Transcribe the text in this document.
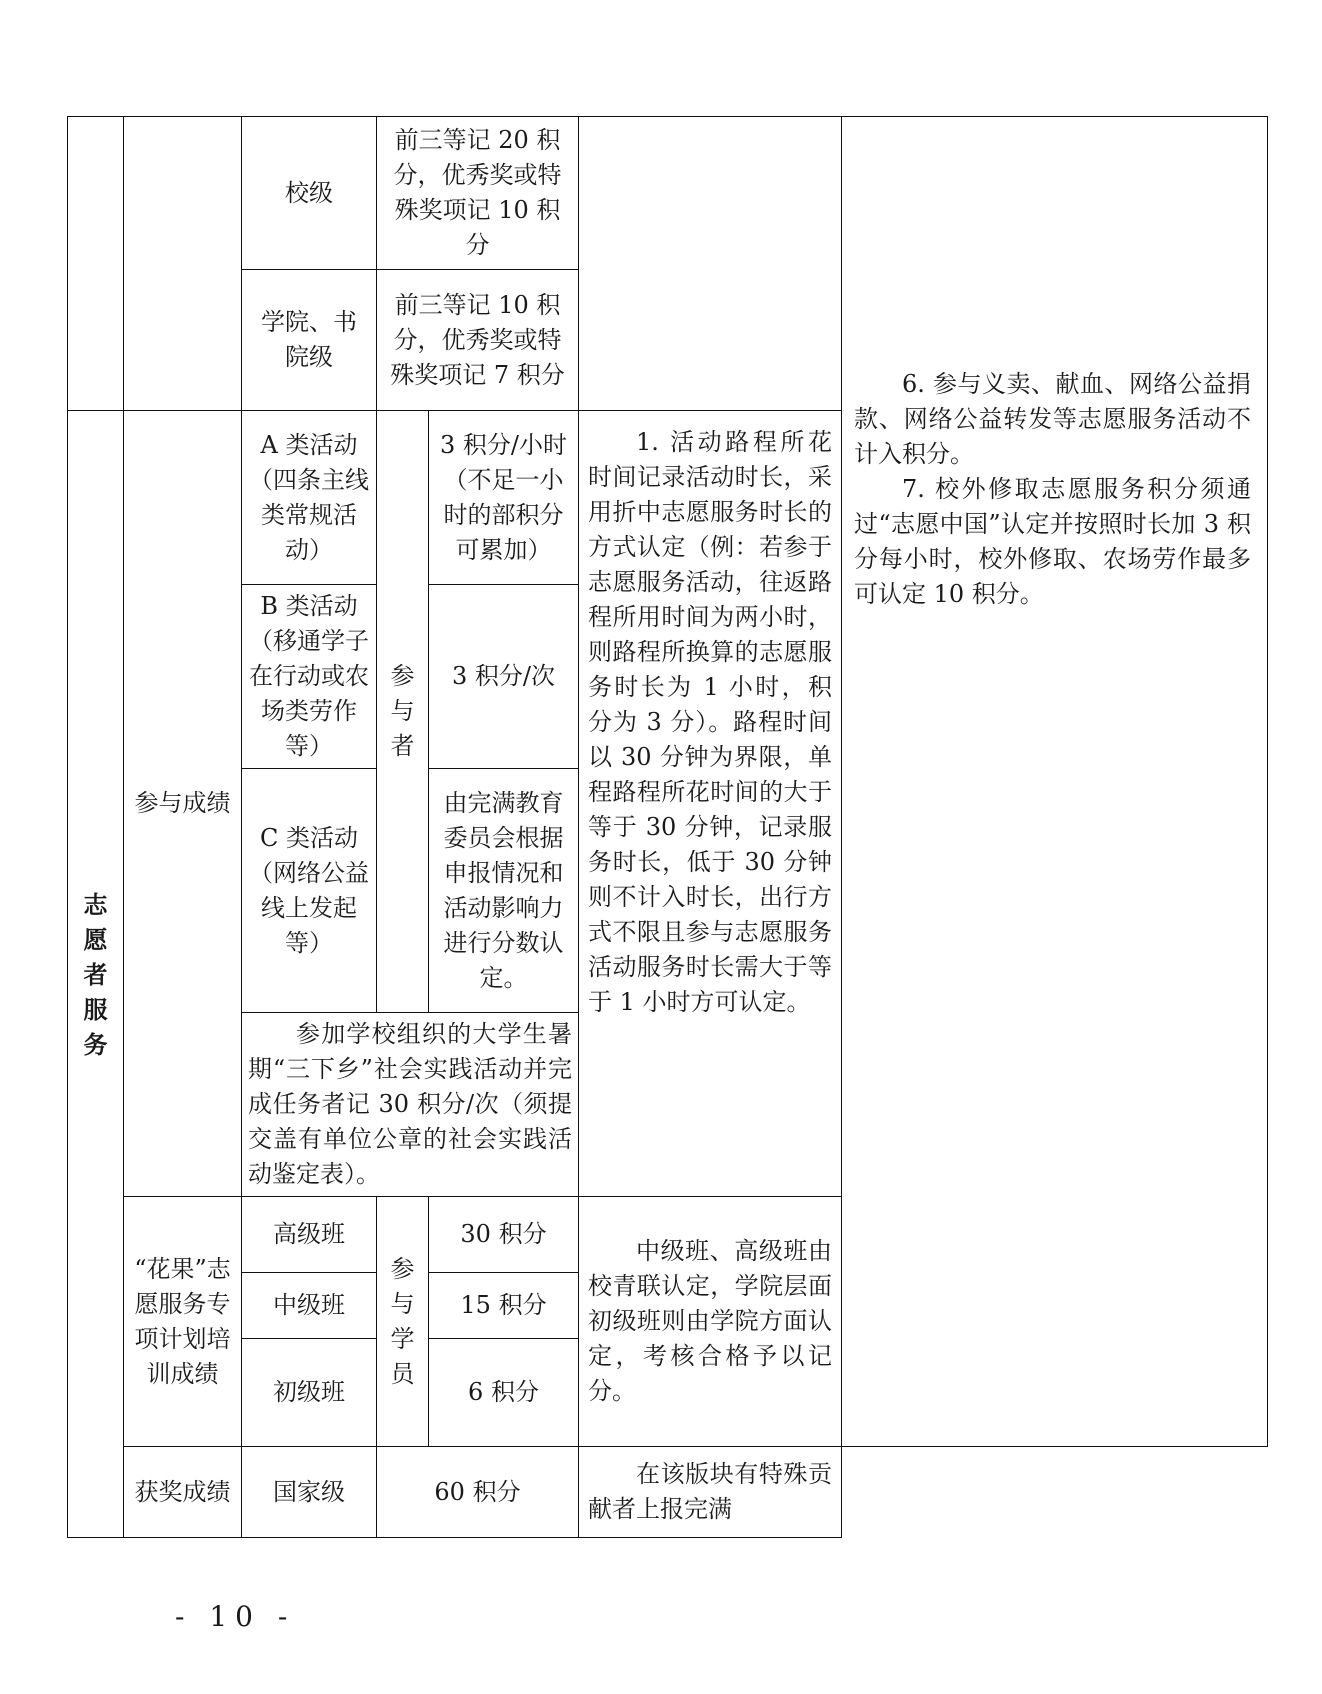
		校级	前三等记 20 积分，优秀奖或特殊奖项记 10 积分			6. 参与义卖、献血、网络公益捐款、网络公益转发等志愿服务活动不计入积分。
7. 校外修取志愿服务积分须通过“志愿中国”认定并按照时长加 3 积分每小时，校外修取、农场劳作最多可认定 10 积分。

		学院、书院级	前三等记 10 积分，优秀奖或特殊奖项记 7 积分			
志愿者服务	参与成绩	A 类活动（四条主线类常规活动）	参与者	3 积分/小时（不足一小时的部积分可累加）	1. 活动路程所花时间记录活动时长，采用折中志愿服务时长的方式认定（例：若参于志愿服务活动，往返路程所用时间为两小时，则路程所换算的志愿服务时长为 1 小时，积分为 3 分）。路程时间以 30 分钟为界限，单程路程所花时间的大于等于 30 分钟，记录服务时长，低于 30 分钟则不计入时长，出行方式不限且参与志愿服务活动服务时长需大于等于 1 小时方可认定。	
		B 类活动（移通学子在行动或农场类劳作等）		3 积分/次		
		C 类活动（网络公益线上发起等）		由完满教育委员会根据申报情况和活动影响力进行分数认定。		
		参加学校组织的大学生暑期“三下乡”社会实践活动并完成任务者记 30 积分/次（须提交盖有单位公章的社会实践活动鉴定表）。				
	“花果”志愿服务专项计划培训成绩	高级班	参与学员	30 积分	中级班、高级班由校青联认定，学院层面初级班则由学院方面认定，考核合格予以记分。	
		中级班		15 积分		
		初级班		6 积分		
	获奖成绩	国家级	60 积分		在该版块有特殊贡献者上报完满	
- 10 -
